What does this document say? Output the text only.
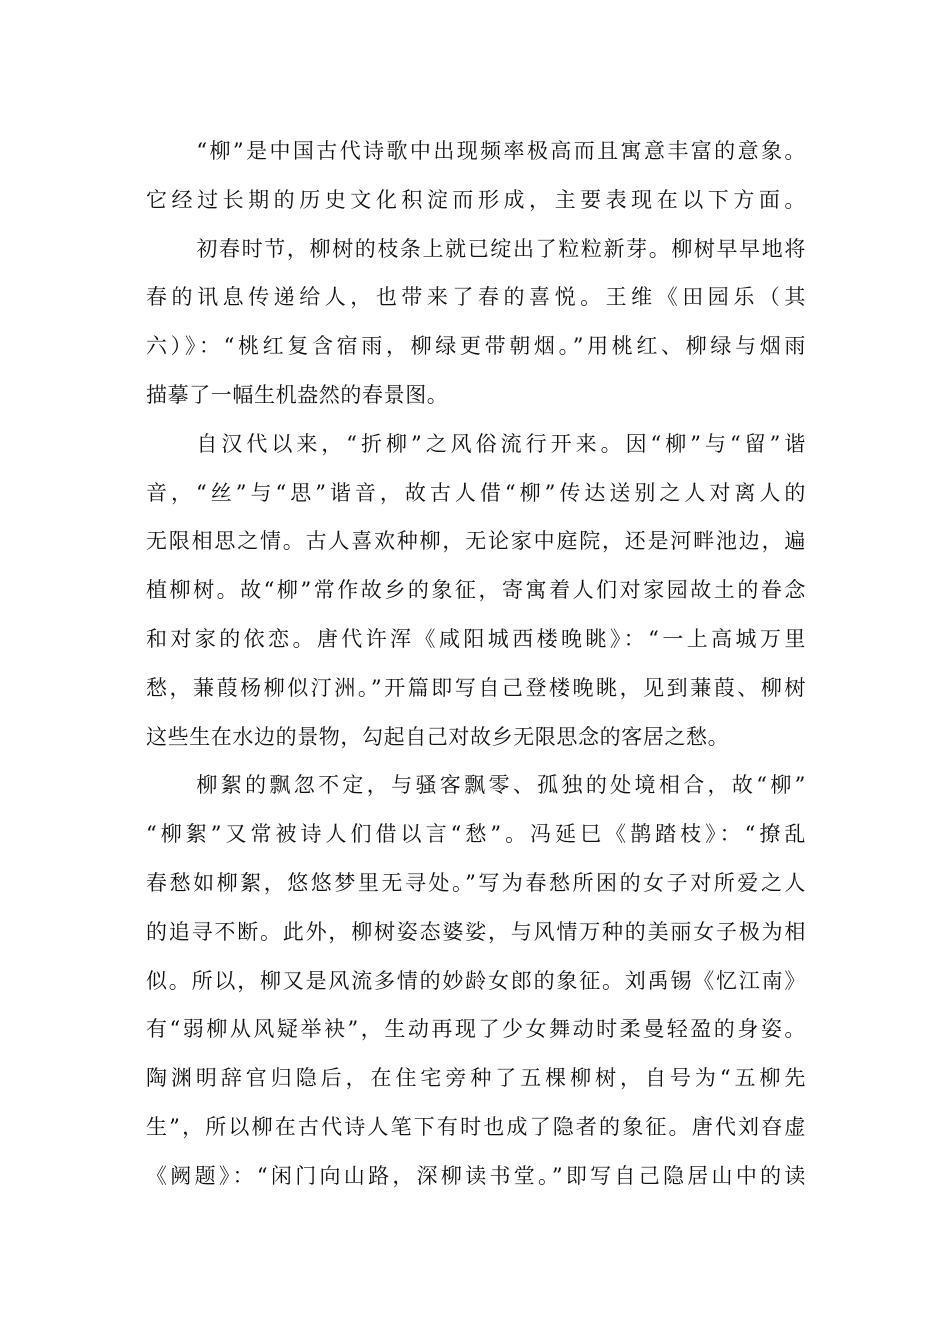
“柳”是中国古代诗歌中出现频率极高而且寓意丰富的意象。
它经过长期的历史文化积淀而形成，主要表现在以下方面。
初春时节，柳树的枝条上就已绽出了粒粒新芽。柳树早早地将
春的讯息传递给人，也带来了春的喜悦。王维《田园乐（其
六）》：“桃红复含宿雨，柳绿更带朝烟。”用桃红、柳绿与烟雨
描摹了一幅生机盎然的春景图。
自汉代以来，“折柳”之风俗流行开来。因“柳”与“留”谐
音，“丝”与“思”谐音，故古人借“柳”传达送别之人对离人的
无限相思之情。古人喜欢种柳，无论家中庭院，还是河畔池边，遍
植柳树。故“柳”常作故乡的象征，寄寓着人们对家园故土的眷念
和对家的依恋。唐代许浑《咸阳城西楼晚眺》：“一上高城万里
愁，蒹葭杨柳似汀洲。”开篇即写自己登楼晚眺，见到蒹葭、柳树
这些生在水边的景物，勾起自己对故乡无限思念的客居之愁。
柳絮的飘忽不定，与骚客飘零、孤独的处境相合，故“柳”
“柳絮”又常被诗人们借以言“愁”。冯延巳《鹊踏枝》：“撩乱
春愁如柳絮，悠悠梦里无寻处。”写为春愁所困的女子对所爱之人
的追寻不断。此外，柳树姿态婆娑，与风情万种的美丽女子极为相
似。所以，柳又是风流多情的妙龄女郎的象征。刘禹锡《忆江南》
有“弱柳从风疑举袂”，生动再现了少女舞动时柔曼轻盈的身姿。
陶渊明辞官归隐后，在住宅旁种了五棵柳树，自号为“五柳先
生”，所以柳在古代诗人笔下有时也成了隐者的象征。唐代刘昚虚
《阙题》：“闲门向山路，深柳读书堂。”即写自己隐居山中的读
